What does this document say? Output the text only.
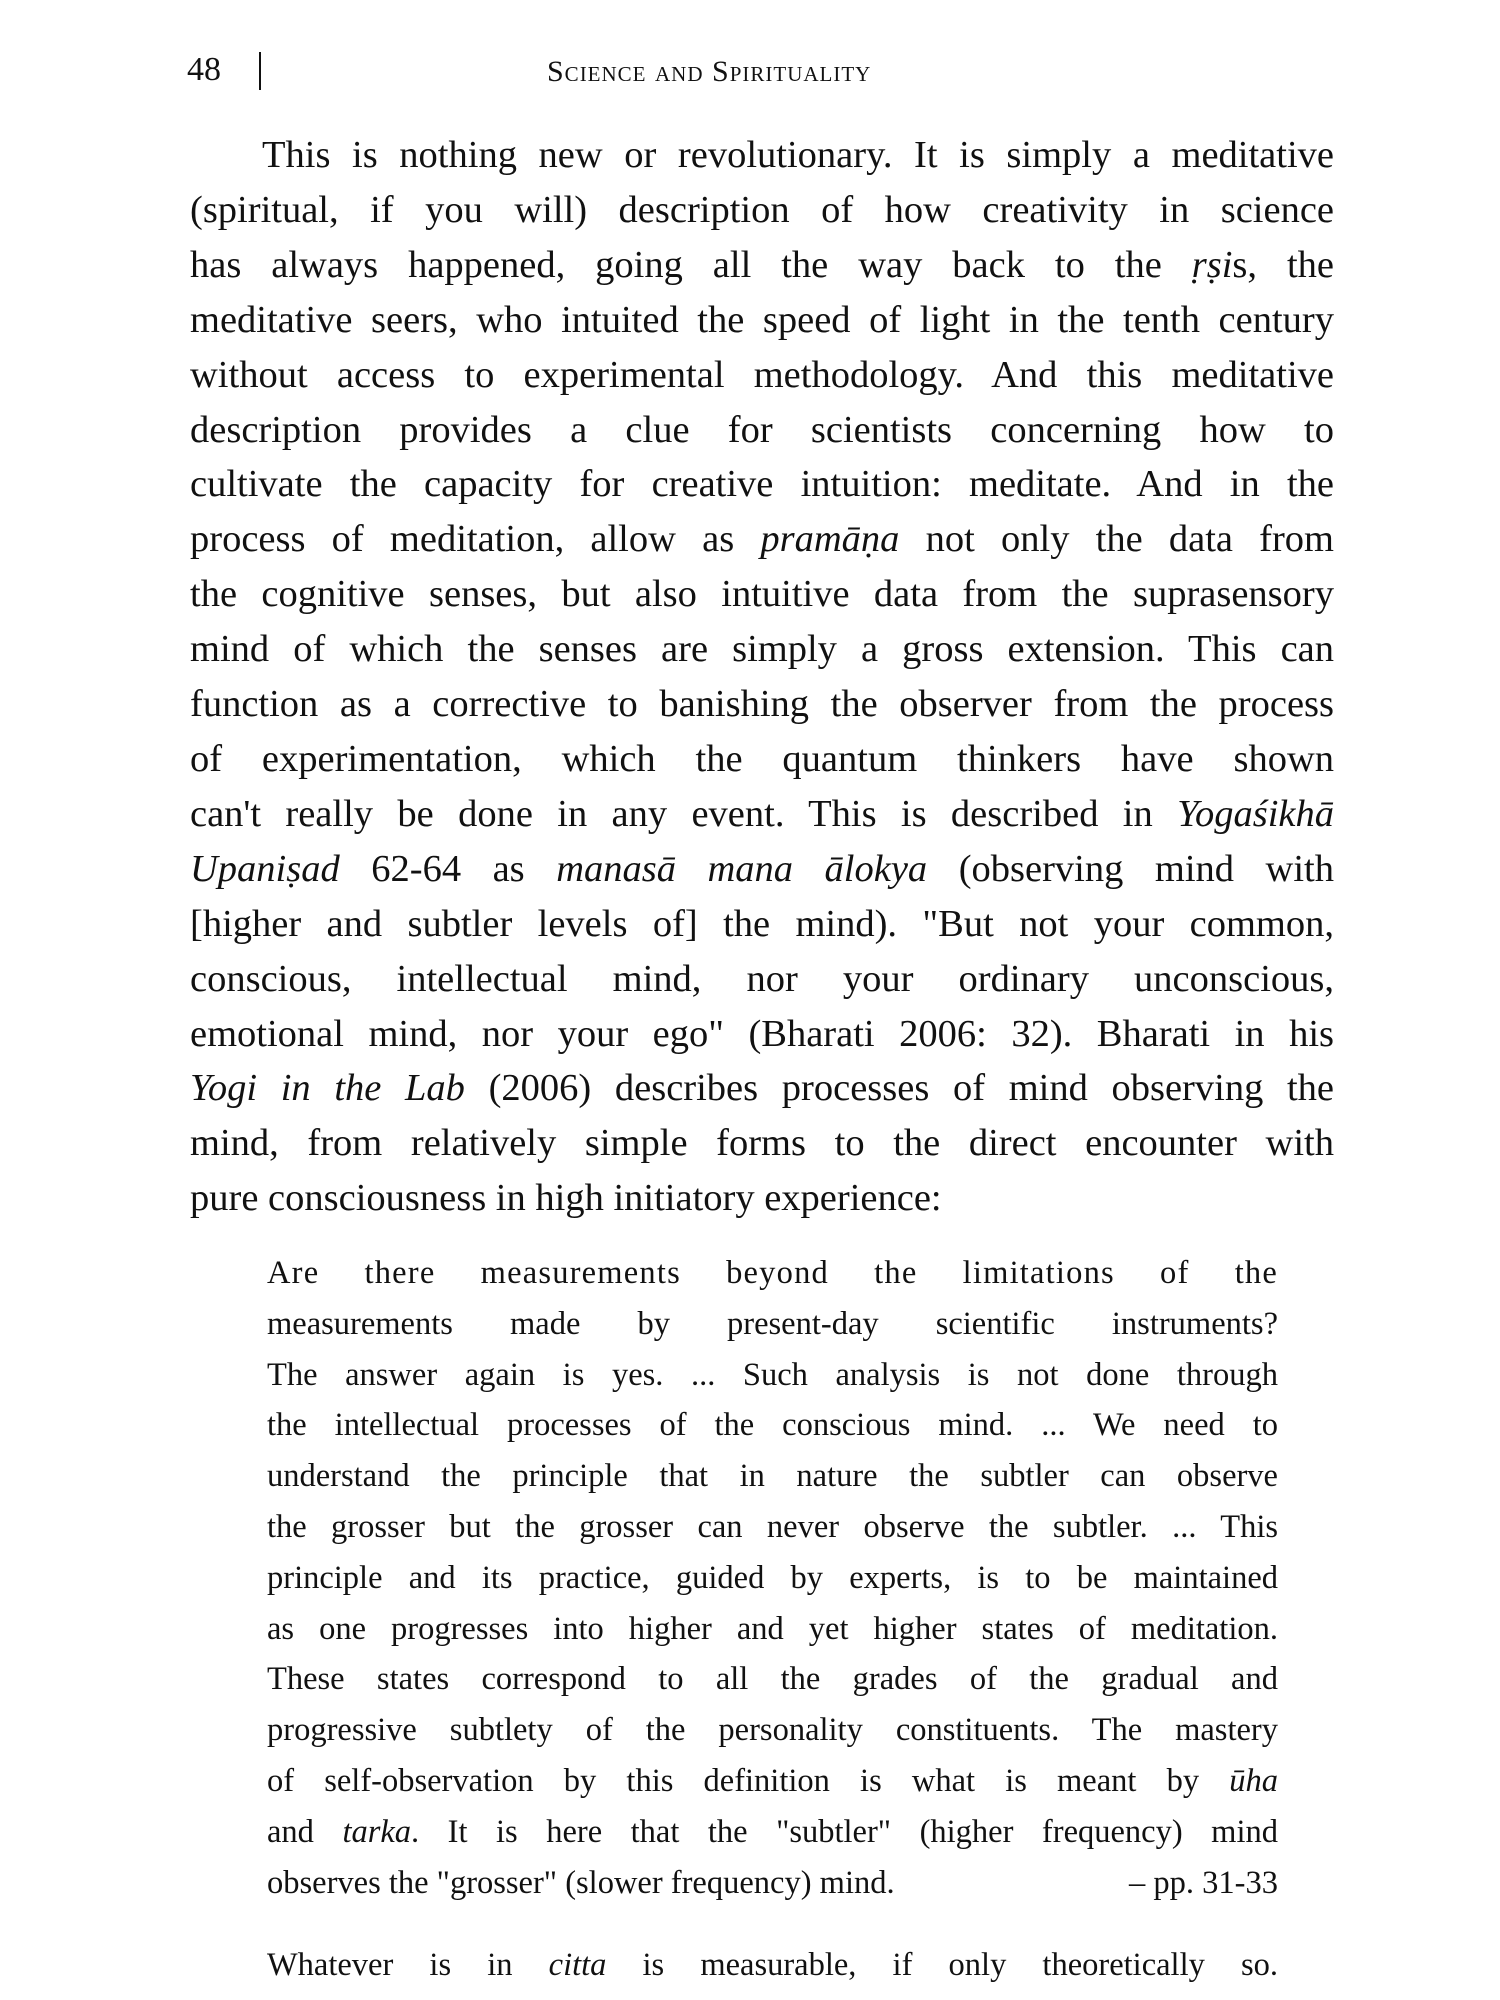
48	Science and Spirituality
This is nothing new or revolutionary. It is simply a meditative
(spiritual, if you will) description of how creativity in science
has always happened, going all the way back to the ṛṣis, the
meditative seers, who intuited the speed of light in the tenth century
without access to experimental methodology. And this meditative
description provides a clue for scientists concerning how to
cultivate the capacity for creative intuition: meditate. And in the
process of meditation, allow as pramāṇa not only the data from
the cognitive senses, but also intuitive data from the suprasensory
mind of which the senses are simply a gross extension. This can
function as a corrective to banishing the observer from the process
of experimentation, which the quantum thinkers have shown
can't really be done in any event. This is described in Yogaśikhā
Upaniṣad 62-64 as manasā mana ālokya (observing mind with
[higher and subtler levels of] the mind). "But not your common,
conscious, intellectual mind, nor your ordinary unconscious,
emotional mind, nor your ego" (Bharati 2006: 32). Bharati in his
Yogi in the Lab (2006) describes processes of mind observing the
mind, from relatively simple forms to the direct encounter with
pure consciousness in high initiatory experience:
Are there measurements beyond the limitations of the
measurements made by present-day scientific instruments?
The answer again is yes. ... Such analysis is not done through
the intellectual processes of the conscious mind. ... We need to
understand the principle that in nature the subtler can observe
the grosser but the grosser can never observe the subtler. ... This
principle and its practice, guided by experts, is to be maintained
as one progresses into higher and yet higher states of meditation.
These states correspond to all the grades of the gradual and
progressive subtlety of the personality constituents. The mastery
of self-observation by this definition is what is meant by ūha
and tarka. It is here that the "subtler" (higher frequency) mind
observes the "grosser" (slower frequency) mind.	– pp. 31-33
Whatever is in citta is measurable, if only theoretically so.
